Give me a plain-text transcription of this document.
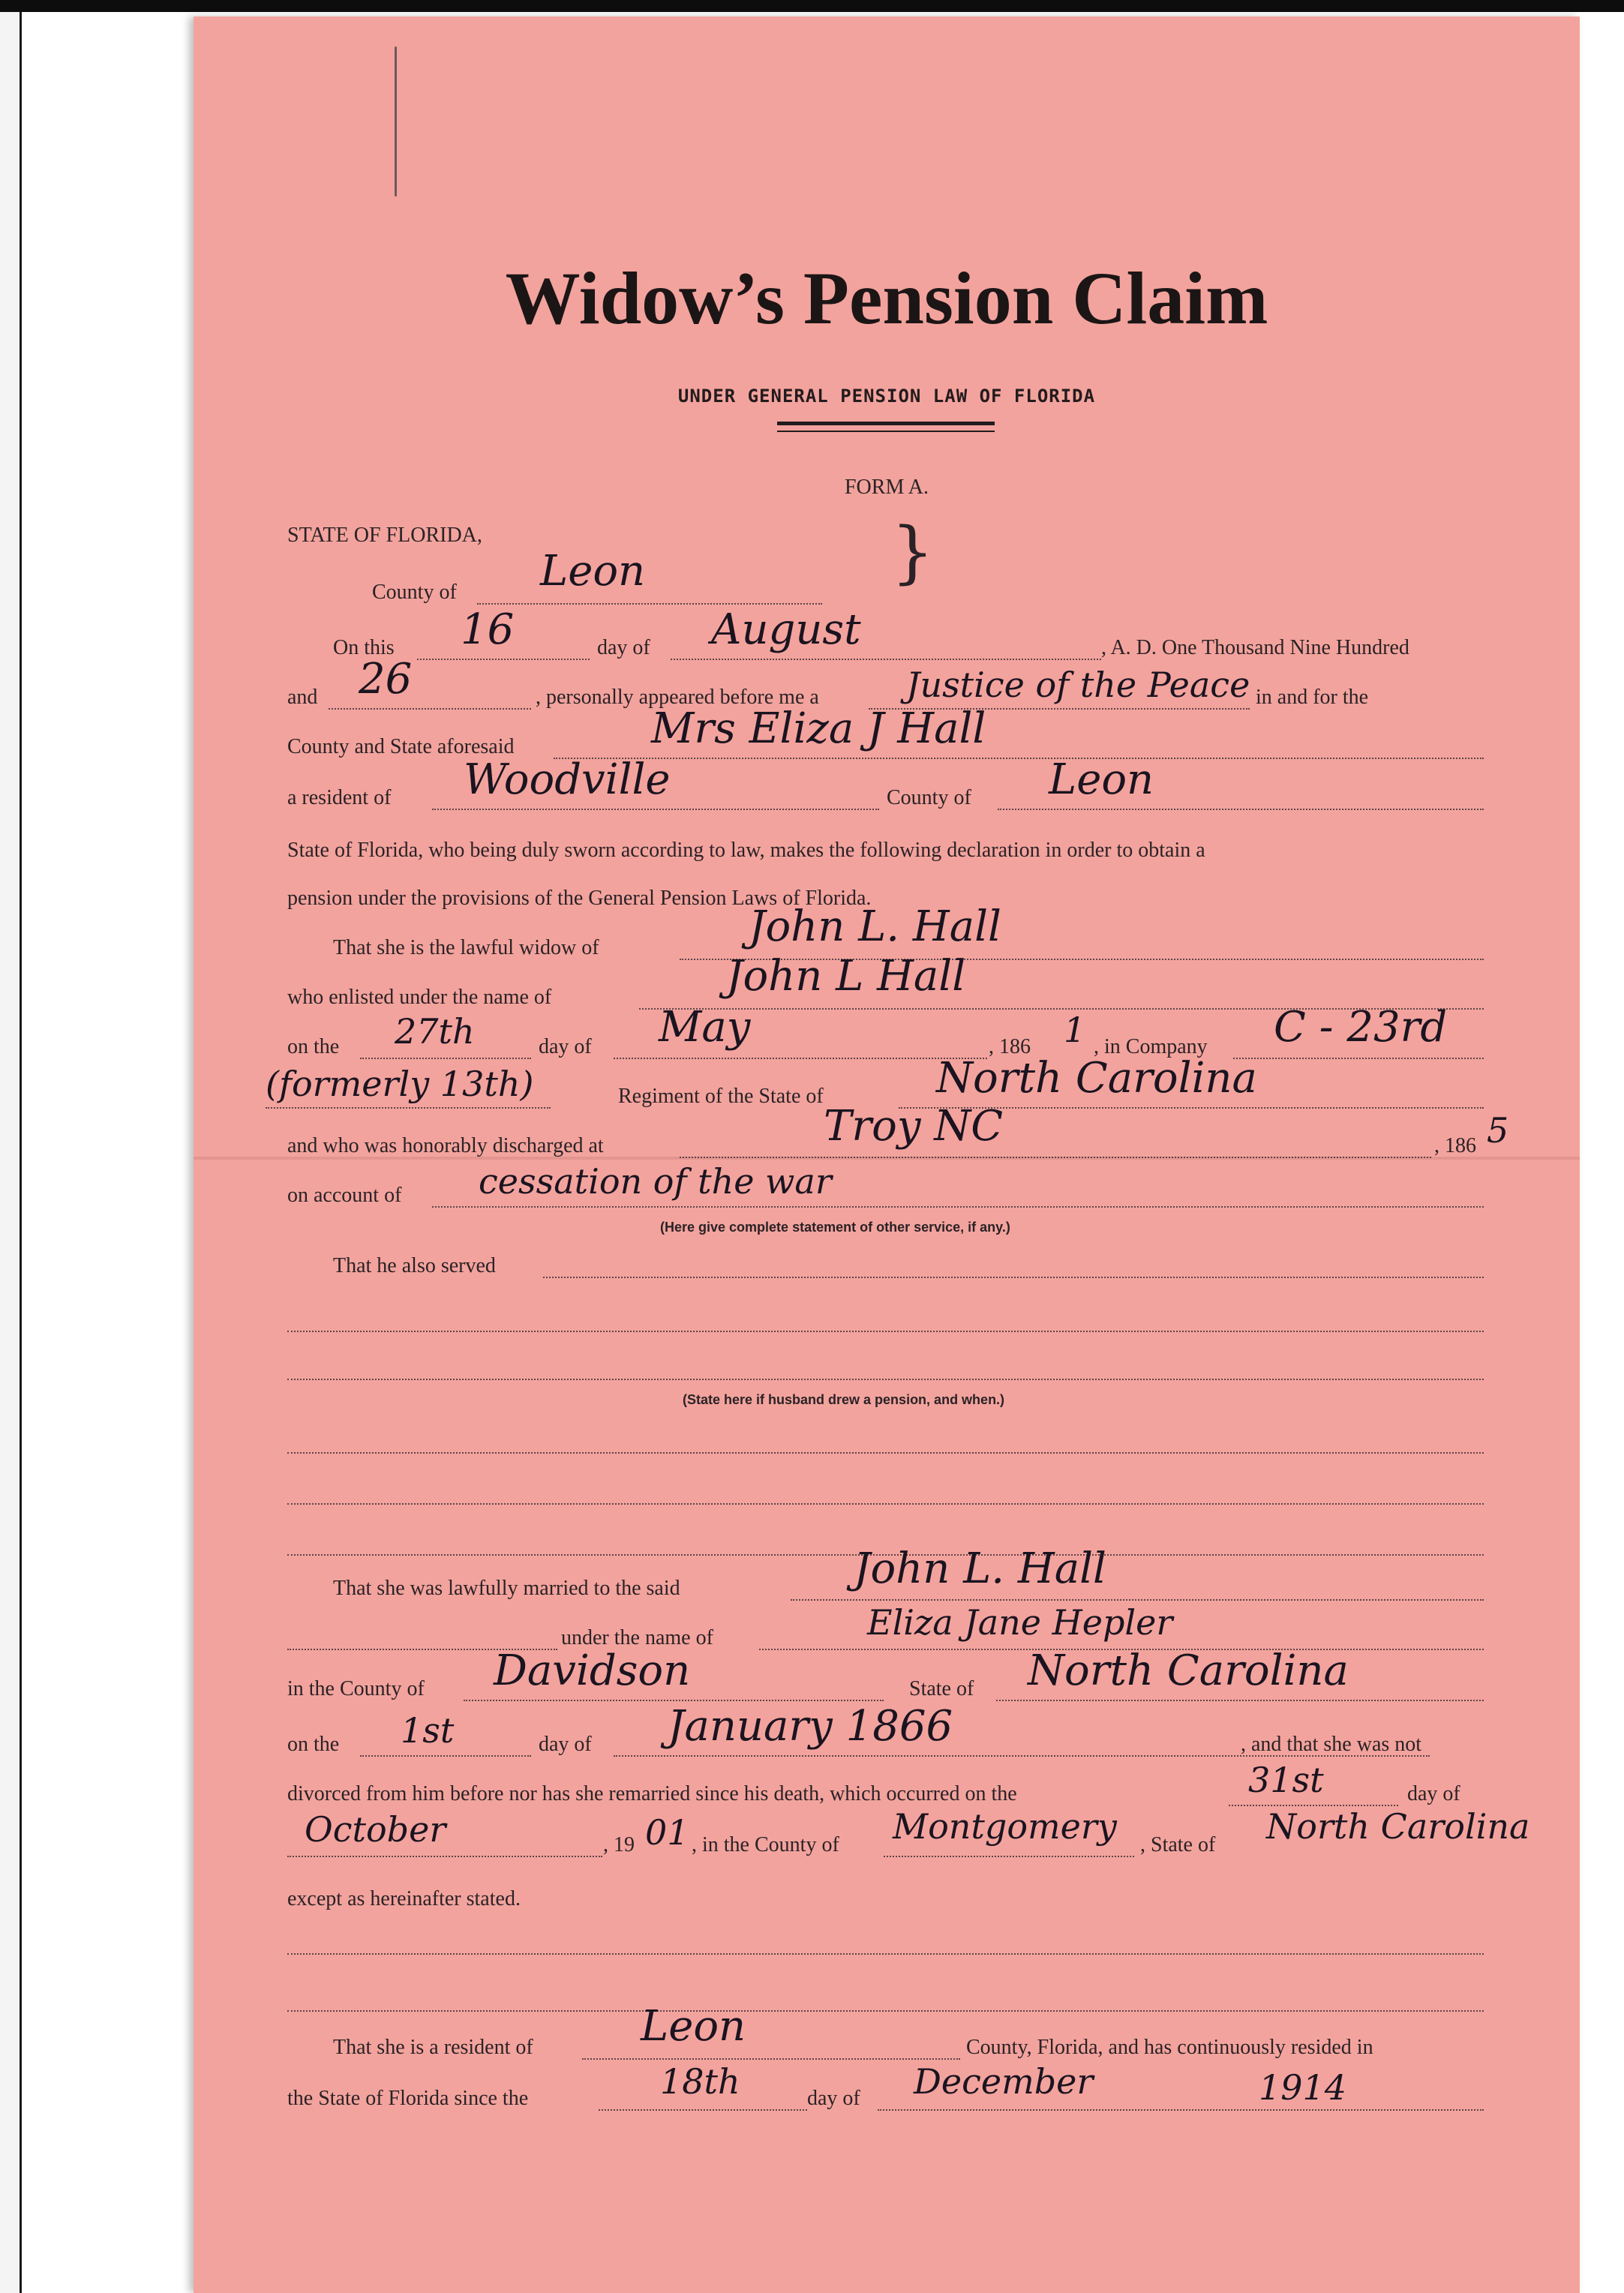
Widow’s Pension Claim
UNDER GENERAL PENSION LAW OF FLORIDA
FORM A.
STATE OF FLORIDA,
County of Leon	}
On this 16	day of August	, A. D. One Thousand Nine Hundred
and 26	, personally appeared before me a	Justice of the Peace in and for the
County and State aforesaid	Mrs Eliza J Hall
a resident of Woodville	County of Leon
State of Florida, who being duly sworn according to law, makes the following declaration in order to obtain a
pension under the provisions of the General Pension Laws of Florida.
That she is the lawful widow of	John L. Hall
who enlisted under the name of	John L Hall
on the 27th	day of May	, 186 1 , in Company C - 23rd
(formerly 13th)	Regiment of the State of	North Carolina
and who was honorably discharged at	Troy NC	, 186 5
on account of cessation of the war
(Here give complete statement of other service, if any.)
That he also served
(State here if husband drew a pension, and when.)
That she was lawfully married to the said	John L. Hall
under the name of	Eliza Jane Hepler
in the County of Davidson	State of North Carolina
on the 1st	day of January 1866	, and that she was not
divorced from him before nor has she remarried since his death, which occurred on the	31st	day of
October	, 19 01 , in the County of Montgomery , State of North Carolina
except as hereinafter stated.
That she is a resident of	Leon	County, Florida, and has continuously resided in
the State of Florida since the	18th	day of December	1914
